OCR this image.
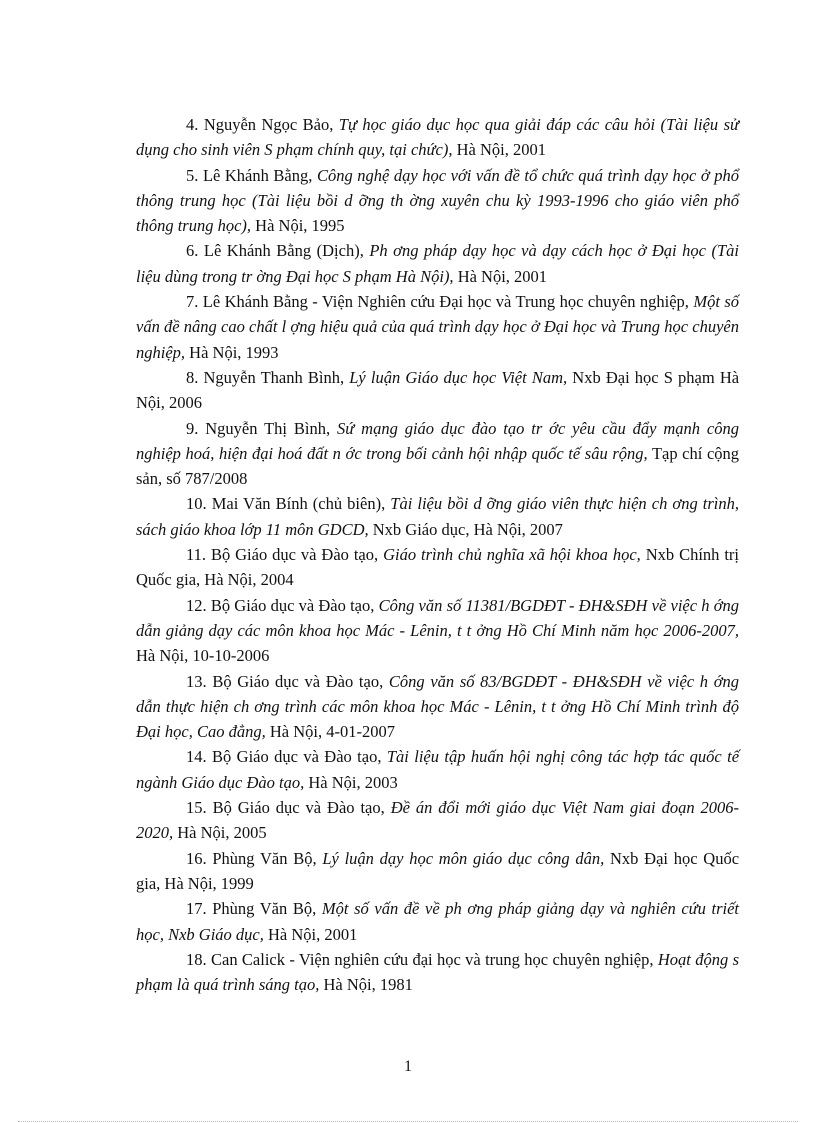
4. Nguyễn Ngọc Bảo, Tự học giáo dục học qua giải đáp các câu hỏi (Tài liệu sử dụng cho sinh viên S phạm chính quy, tại chức), Hà Nội, 2001

5. Lê Khánh Bằng, Công nghệ dạy học với vấn đề tổ chức quá trình dạy học ở phổ thông trung học (Tài liệu bồi d ỡng th ờng xuyên chu kỳ 1993-1996 cho giáo viên phổ thông trung học), Hà Nội, 1995

6. Lê Khánh Bằng (Dịch), Ph ơng pháp dạy học và dạy cách học ở Đại học (Tài liệu dùng trong tr ờng Đại học S phạm Hà Nội), Hà Nội, 2001

7. Lê Khánh Bằng - Viện Nghiên cứu Đại học và Trung học chuyên nghiệp, Một số vấn đề nâng cao chất l ợng hiệu quả của quá trình dạy học ở Đại học và Trung học chuyên nghiệp, Hà Nội, 1993

8. Nguyễn Thanh Bình, Lý luận Giáo dục học Việt Nam, Nxb Đại học S phạm Hà Nội, 2006

9. Nguyễn Thị Bình, Sứ mạng giáo dục đào tạo tr ớc yêu cầu đẩy mạnh công nghiệp hoá, hiện đại hoá đất n ớc trong bối cảnh hội nhập quốc tế sâu rộng, Tạp chí cộng sản, số 787/2008

10. Mai Văn Bính (chủ biên), Tài liệu bồi d ỡng giáo viên thực hiện ch ơng trình, sách giáo khoa lớp 11 môn GDCD, Nxb Giáo dục, Hà Nội, 2007

11. Bộ Giáo dục và Đào tạo, Giáo trình chủ nghĩa xã hội khoa học, Nxb Chính trị Quốc gia, Hà Nội, 2004

12. Bộ Giáo dục và Đào tạo, Công văn số 11381/BGDĐT - ĐH&SĐH về việc h ớng dẫn giảng dạy các môn khoa học Mác - Lênin, t t ởng Hồ Chí Minh năm học 2006-2007, Hà Nội, 10-10-2006

13. Bộ Giáo dục và Đào tạo, Công văn số 83/BGDĐT - ĐH&SĐH về việc h ớng dẫn thực hiện ch ơng trình các môn khoa học Mác - Lênin, t t ởng Hồ Chí Minh trình độ Đại học, Cao đẳng, Hà Nội, 4-01-2007

14. Bộ Giáo dục và Đào tạo, Tài liệu tập huấn hội nghị công tác hợp tác quốc tế ngành Giáo dục Đào tạo, Hà Nội, 2003

15. Bộ Giáo dục và Đào tạo, Đề án đổi mới giáo dục Việt Nam giai đoạn 2006-2020, Hà Nội, 2005

16. Phùng Văn Bộ, Lý luận dạy học môn giáo dục công dân, Nxb Đại học Quốc gia, Hà Nội, 1999

17. Phùng Văn Bộ, Một số vấn đề về ph ơng pháp giảng dạy và nghiên cứu triết học, Nxb Giáo dục, Hà Nội, 2001

18. Can Calick - Viện nghiên cứu đại học và trung học chuyên nghiệp, Hoạt động s phạm là quá trình sáng tạo, Hà Nội, 1981

1
